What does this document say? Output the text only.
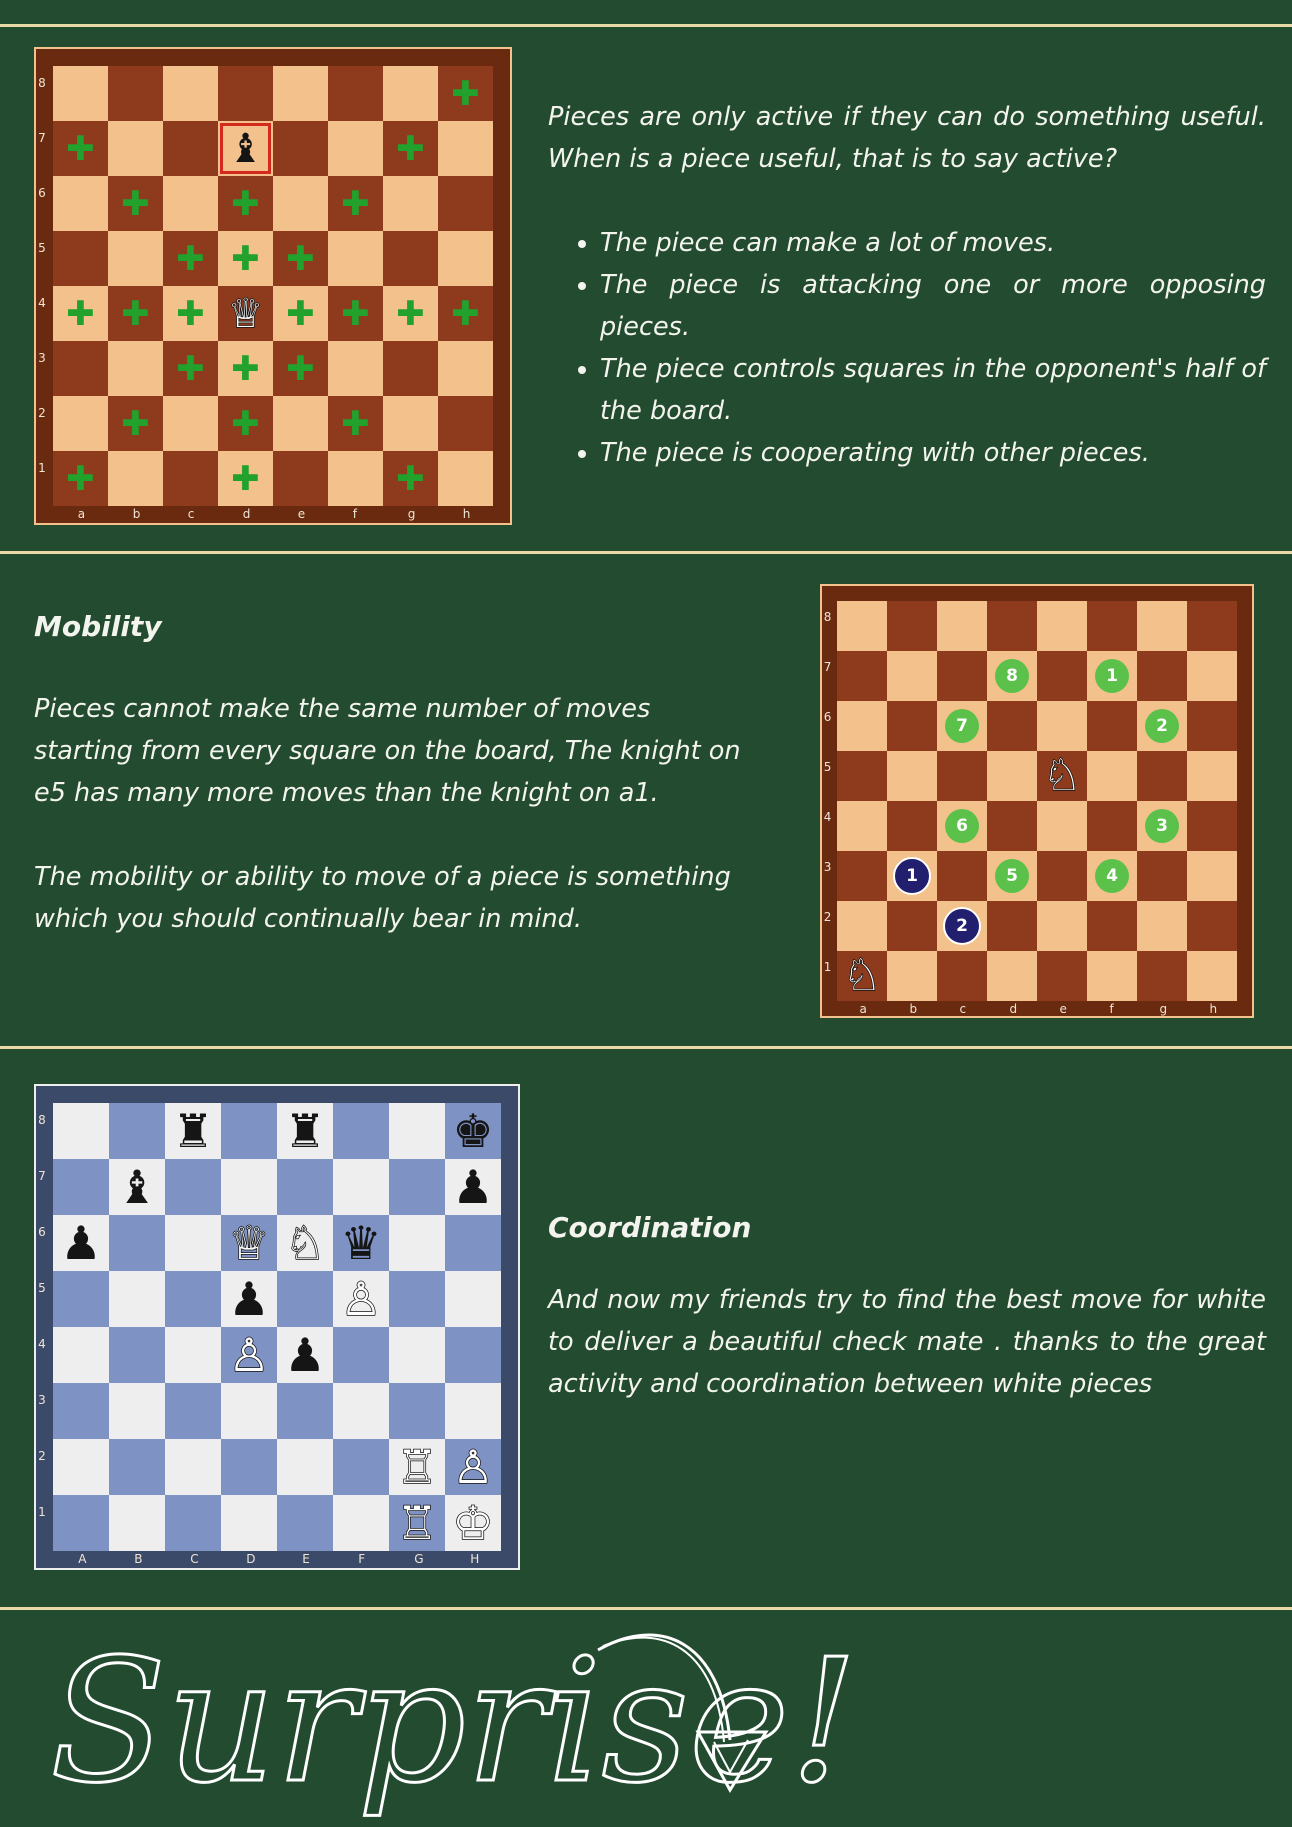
✚
✚	♝	✚
✚ ✚ ✚
✚ ✚ ✚
✚ ✚ ✚ ♕ ✚ ✚ ✚ ✚
✚ ✚ ✚
✚ ✚ ✚
✚	✚	✚
8
7
6
5
4
3
2
1
a	b	c	d	e	f	g	h

Pieces are only active if they can do something useful. When is a piece useful, that is to say active?

• The piece can make a lot of moves.
• The piece is attacking one or more opposing pieces.
• The piece controls squares in the opponent's half of the board.
• The piece is cooperating with other pieces.

Mobility

Pieces cannot make the same number of moves starting from every square on the board, The knight on e5 has many more moves than the knight on a1.

The mobility or ability to move of a piece is something which you should continually bear in mind.

8	1
7	2
♘
6	3
1	5	4
2
♘
8
7
6
5
4
3
2
1
a	b	c	d	e	f	g	h
♜ ♜	♚
♝	♟
♟	♕ ♘ ♛
♟ ♙
♙ ♟
♖ ♙
♖ ♔
8
7
6
5
4
3
2
1
A	B	C	D	E	F	G	H

Coordination

And now my friends try to find the best move for white to deliver a beautiful check mate . thanks to the great activity and coordination between white pieces

Surprise!
